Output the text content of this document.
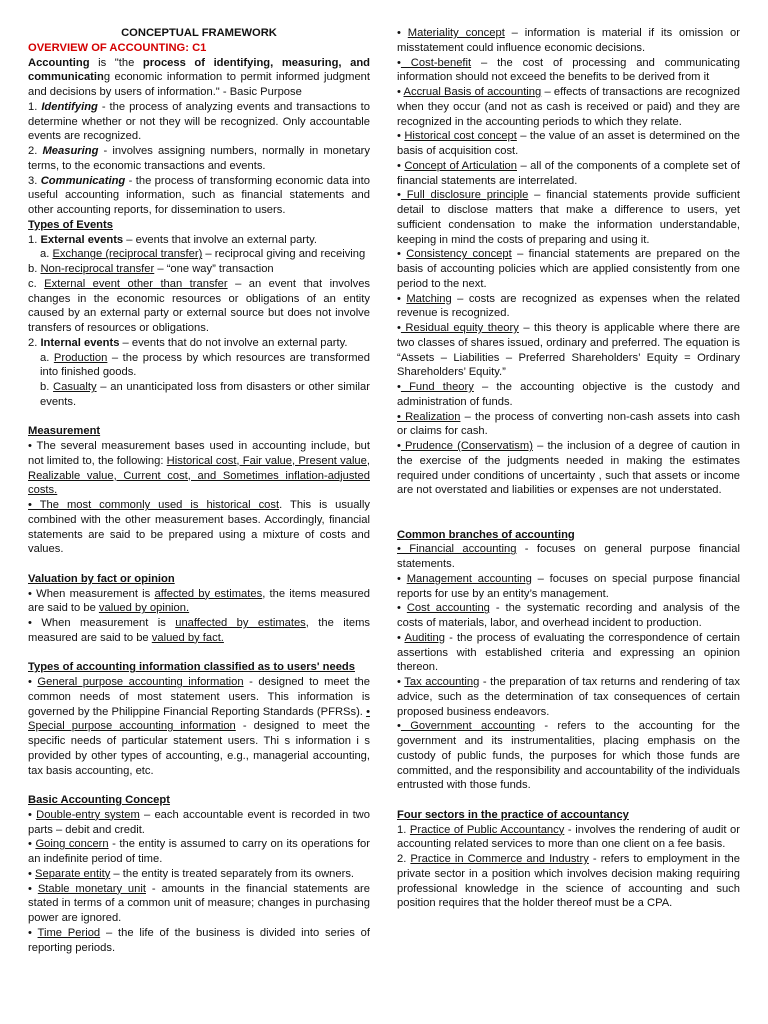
CONCEPTUAL FRAMEWORK

OVERVIEW OF ACCOUNTING: C1

Accounting is "the process of identifying, measuring, and communicating economic information to permit informed judgment and decisions by users of information." - Basic Purpose

1. Identifying - the process of analyzing events and transactions to determine whether or not they will be recognized. Only accountable events are recognized.

2. Measuring - involves assigning numbers, normally in monetary terms, to the economic transactions and events.

3. Communicating - the process of transforming economic data into useful accounting information, such as financial statements and other accounting reports, for dissemination to users.

Types of Events

1. External events – events that involve an external party.

a. Exchange (reciprocal transfer) – reciprocal giving and receiving

b. Non-reciprocal transfer – “one way” transaction

c. External event other than transfer – an event that involves changes in the economic resources or obligations of an entity caused by an external party or external source but does not involve transfers of resources or obligations.

2. Internal events – events that do not involve an external party.

a. Production – the process by which resources are transformed into finished goods.

b. Casualty – an unanticipated loss from disasters or other similar events.

Measurement

• The several measurement bases used in accounting include, but not limited to, the following: Historical cost, Fair value, Present value, Realizable value, Current cost, and Sometimes inflation-adjusted costs.

• The most commonly used is historical cost. This is usually combined with the other measurement bases. Accordingly, financial statements are said to be prepared using a mixture of costs and values.

Valuation by fact or opinion

• When measurement is affected by estimates, the items measured are said to be valued by opinion.

• When measurement is unaffected by estimates, the items measured are said to be valued by fact.

Types of accounting information classified as to users' needs

• General purpose accounting information - designed to meet the common needs of most statement users. This information is governed by the Philippine Financial Reporting Standards (PFRSs). • Special purpose accounting information - designed to meet the specific needs of particular statement users. Thi s information i s provided by other types of accounting, e.g., managerial accounting, tax basis accounting, etc.

Basic Accounting Concept

• Double-entry system – each accountable event is recorded in two parts – debit and credit.

• Going concern - the entity is assumed to carry on its operations for an indefinite period of time.

• Separate entity – the entity is treated separately from its owners.

• Stable monetary unit - amounts in the financial statements are stated in terms of a common unit of measure; changes in purchasing power are ignored.

• Time Period – the life of the business is divided into series of reporting periods.

• Materiality concept – information is material if its omission or misstatement could influence economic decisions.

• Cost-benefit – the cost of processing and communicating information should not exceed the benefits to be derived from it

• Accrual Basis of accounting – effects of transactions are recognized when they occur (and not as cash is received or paid) and they are recognized in the accounting periods to which they relate.

• Historical cost concept – the value of an asset is determined on the basis of acquisition cost.

• Concept of Articulation – all of the components of a complete set of financial statements are interrelated.

• Full disclosure principle – financial statements provide sufficient detail to disclose matters that make a difference to users, yet sufficient condensation to make the information understandable, keeping in mind the costs of preparing and using it.

• Consistency concept – financial statements are prepared on the basis of accounting policies which are applied consistently from one period to the next.

• Matching – costs are recognized as expenses when the related revenue is recognized.

• Residual equity theory – this theory is applicable where there are two classes of shares issued, ordinary and preferred. The equation is “Assets – Liabilities – Preferred Shareholders’ Equity = Ordinary Shareholders’ Equity.”

• Fund theory – the accounting objective is the custody and administration of funds.

• Realization – the process of converting non-cash assets into cash or claims for cash.

• Prudence (Conservatism) – the inclusion of a degree of caution in the exercise of the judgments needed in making the estimates required under conditions of uncertainty , such that assets or income are not overstated and liabilities or expenses are not understated.

Common branches of accounting

• Financial accounting - focuses on general purpose financial statements.

• Management accounting – focuses on special purpose financial reports for use by an entity’s management.

• Cost accounting - the systematic recording and analysis of the costs of materials, labor, and overhead incident to production.

• Auditing - the process of evaluating the correspondence of certain assertions with established criteria and expressing an opinion thereon.

• Tax accounting - the preparation of tax returns and rendering of tax advice, such as the determination of tax consequences of certain proposed business endeavors.

• Government accounting - refers to the accounting for the government and its instrumentalities, placing emphasis on the custody of public funds, the purposes for which those funds are committed, and the responsibility and accountability of the individuals entrusted with those funds.

Four sectors in the practice of accountancy

1. Practice of Public Accountancy - involves the rendering of audit or accounting related services to more than one client on a fee basis.

2. Practice in Commerce and Industry - refers to employment in the private sector in a position which involves decision making requiring professional knowledge in the science of accounting and such position requires that the holder thereof must be a CPA.
